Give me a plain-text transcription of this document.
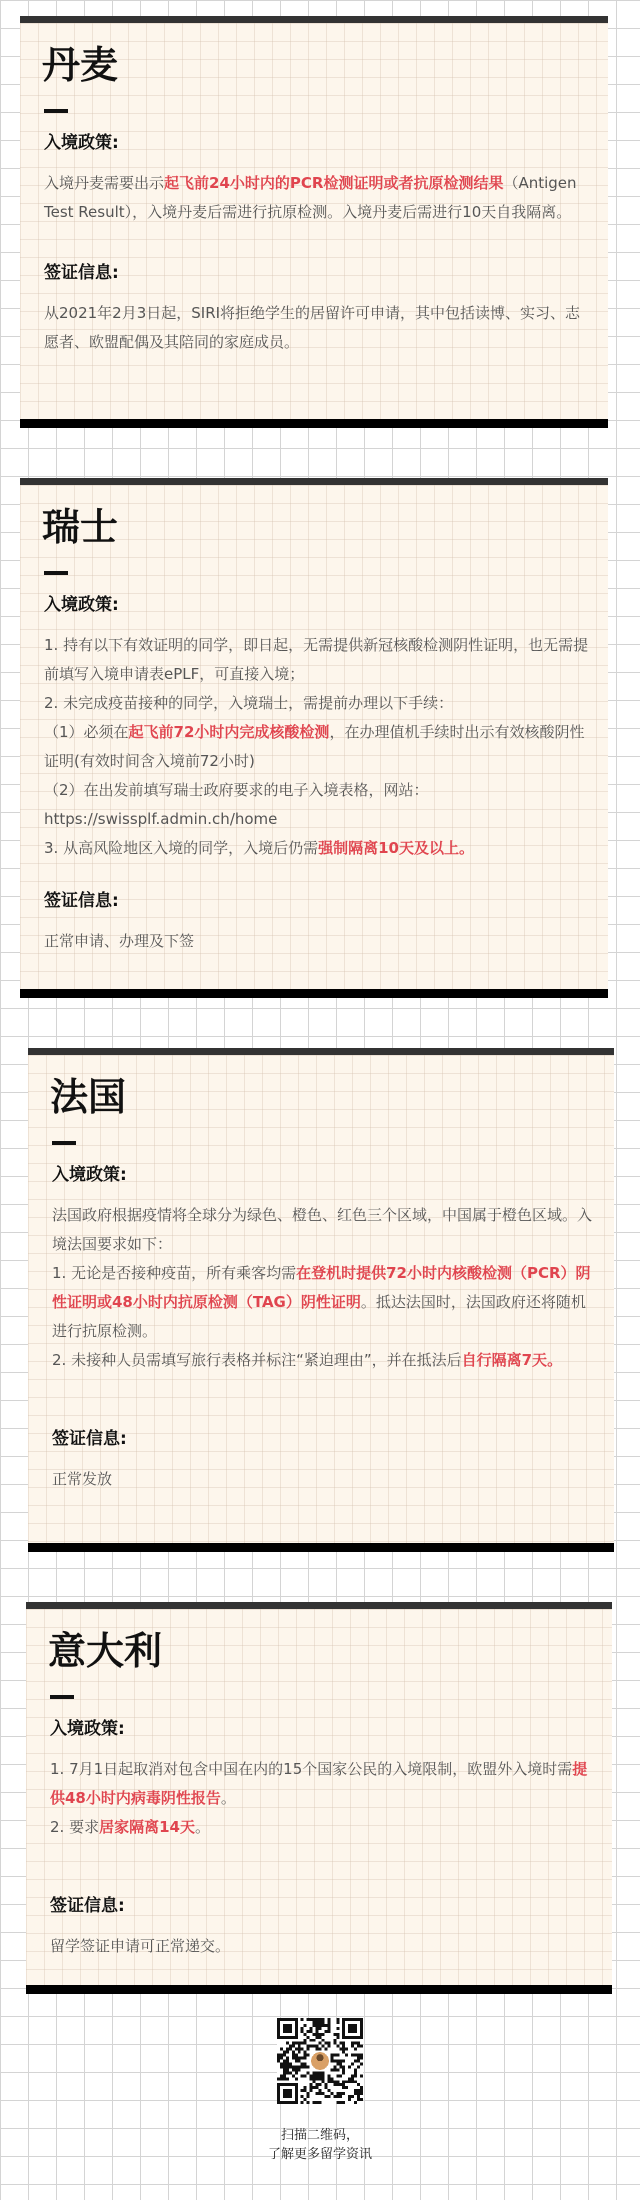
丹麦
入境政策:

入境丹麦需要出示起飞前24小时内的PCR检测证明或者抗原检测结果（Antigen Test Result），入境丹麦后需进行抗原检测。入境丹麦后需进行10天自我隔离。

签证信息:
从2021年2月3日起，SIRI将拒绝学生的居留许可申请，其中包括读博、实习、志愿者、欧盟配偶及其陪同的家庭成员。
瑞士
入境政策:

1. 持有以下有效证明的同学，即日起，无需提供新冠核酸检测阴性证明，也无需提前填写入境申请表ePLF，可直接入境；

2. 未完成疫苗接种的同学，入境瑞士，需提前办理以下手续：

（1）必须在起飞前72小时内完成核酸检测，在办理值机手续时出示有效核酸阴性证明(有效时间含入境前72小时)

（2）在出发前填写瑞士政府要求的电子入境表格，网站：https://swissplf.admin.ch/home

3. 从高风险地区入境的同学，入境后仍需强制隔离10天及以上。

签证信息:
正常申请、办理及下签
法国
入境政策:

法国政府根据疫情将全球分为绿色、橙色、红色三个区域，中国属于橙色区域。入境法国要求如下：

1. 无论是否接种疫苗，所有乘客均需在登机时提供72小时内核酸检测（PCR）阴性证明或48小时内抗原检测（TAG）阴性证明。抵达法国时，法国政府还将随机进行抗原检测。

2. 未接种人员需填写旅行表格并标注“紧迫理由”，并在抵法后自行隔离7天。

签证信息:
正常发放
意大利
入境政策:

1. 7月1日起取消对包含中国在内的15个国家公民的入境限制，欧盟外入境时需提供48小时内病毒阴性报告。

2. 要求居家隔离14天。

签证信息:
留学签证申请可正常递交。

扫描二维码，

了解更多留学资讯
